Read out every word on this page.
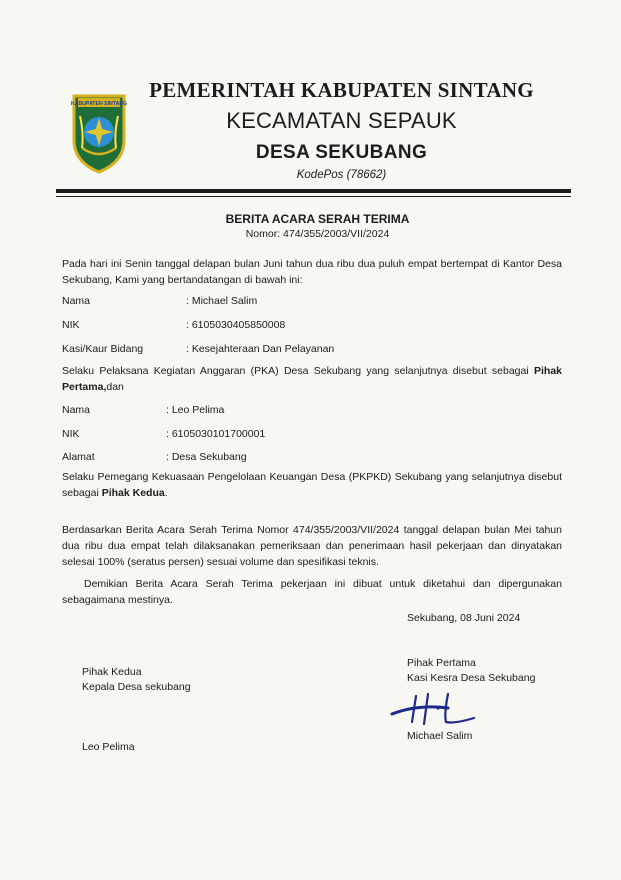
KABUPATEN SINTANG
PEMERINTAH KABUPATEN SINTANG
KECAMATAN SEPAUK
DESA SEKUBANG
KodePos (78662)
BERITA ACARA SERAH TERIMA
Nomor: 474/355/2003/VII/2024
Pada hari ini Senin tanggal delapan bulan Juni tahun dua ribu dua puluh empat bertempat di Kantor Desa Sekubang, Kami yang bertandatangan di bawah ini:
Nama	: Michael Salim
NIK	: 6105030405850008
Kasi/Kaur Bidang	: Kesejahteraan Dan Pelayanan
Selaku Pelaksana Kegiatan Anggaran (PKA) Desa Sekubang yang selanjutnya disebut sebagai Pihak Pertama,dan
Nama	: Leo Pelima
NIK	: 6105030101700001
Alamat	: Desa Sekubang
Selaku Pemegang Kekuasaan Pengelolaan Keuangan Desa (PKPKD) Sekubang yang selanjutnya disebut sebagai Pihak Kedua.
Berdasarkan Berita Acara Serah Terima Nomor 474/355/2003/VII/2024 tanggal delapan bulan Mei tahun dua ribu dua empat telah dilaksanakan pemeriksaan dan penerimaan hasil pekerjaan dan dinyatakan selesai 100% (seratus persen) sesuai volume dan spesifikasi teknis.
Demikian Berita Acara Serah Terima pekerjaan ini dibuat untuk diketahui dan dipergunakan sebagaimana mestinya.
Sekubang, 08 Juni 2024
Pihak Pertama
Kasi Kesra Desa Sekubang
Michael Salim
Pihak Kedua
Kepala Desa sekubang
Leo Pelima
